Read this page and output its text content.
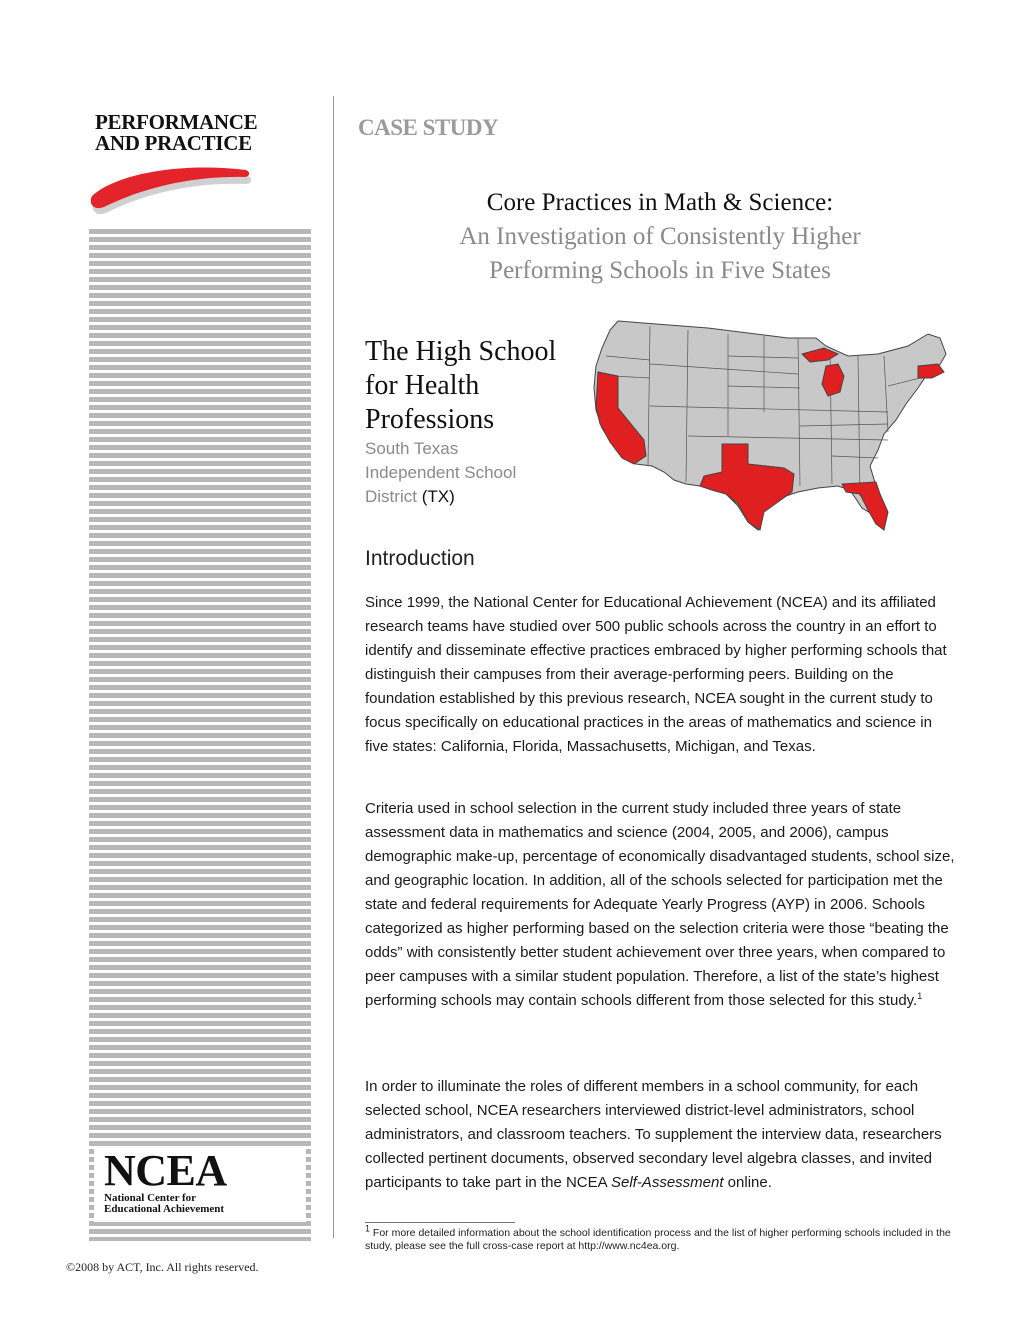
PERFORMANCE
AND PRACTICE
NCEA
National Center for
Educational Achievement
©2008 by ACT, Inc. All rights reserved.
CASE STUDY
Core Practices in Math & Science:
An Investigation of Consistently Higher
Performing Schools in Five States
The High School
for Health
Professions
South Texas
Independent School
District (TX)
Introduction

Since 1999, the National Center for Educational Achievement (NCEA) and its affiliated research teams have studied over 500 public schools across the country in an effort to identify and disseminate effective practices embraced by higher performing schools that distinguish their campuses from their average-performing peers. Building on the foundation established by this previous research, NCEA sought in the current study to focus specifically on educational practices in the areas of mathematics and science in five states: California, Florida, Massachusetts, Michigan, and Texas.

Criteria used in school selection in the current study included three years of state assessment data in mathematics and science (2004, 2005, and 2006), campus demographic make-up, percentage of economically disadvantaged students, school size, and geographic location. In addition, all of the schools selected for participation met the state and federal requirements for Adequate Yearly Progress (AYP) in 2006. Schools categorized as higher performing based on the selection criteria were those “beating the odds” with consistently better student achievement over three years, when compared to peer campuses with a similar student population. Therefore, a list of the state’s highest performing schools may contain schools different from those selected for this study.$^1$

In order to illuminate the roles of different members in a school community, for each selected school, NCEA researchers interviewed district-level administrators, school administrators, and classroom teachers. To supplement the interview data, researchers collected pertinent documents, observed secondary level algebra classes, and invited participants to take part in the NCEA Self-Assessment online.

$^1$ For more detailed information about the school identification process and the list of higher performing schools included in the study, please see the full cross-case report at http://www.nc4ea.org.
